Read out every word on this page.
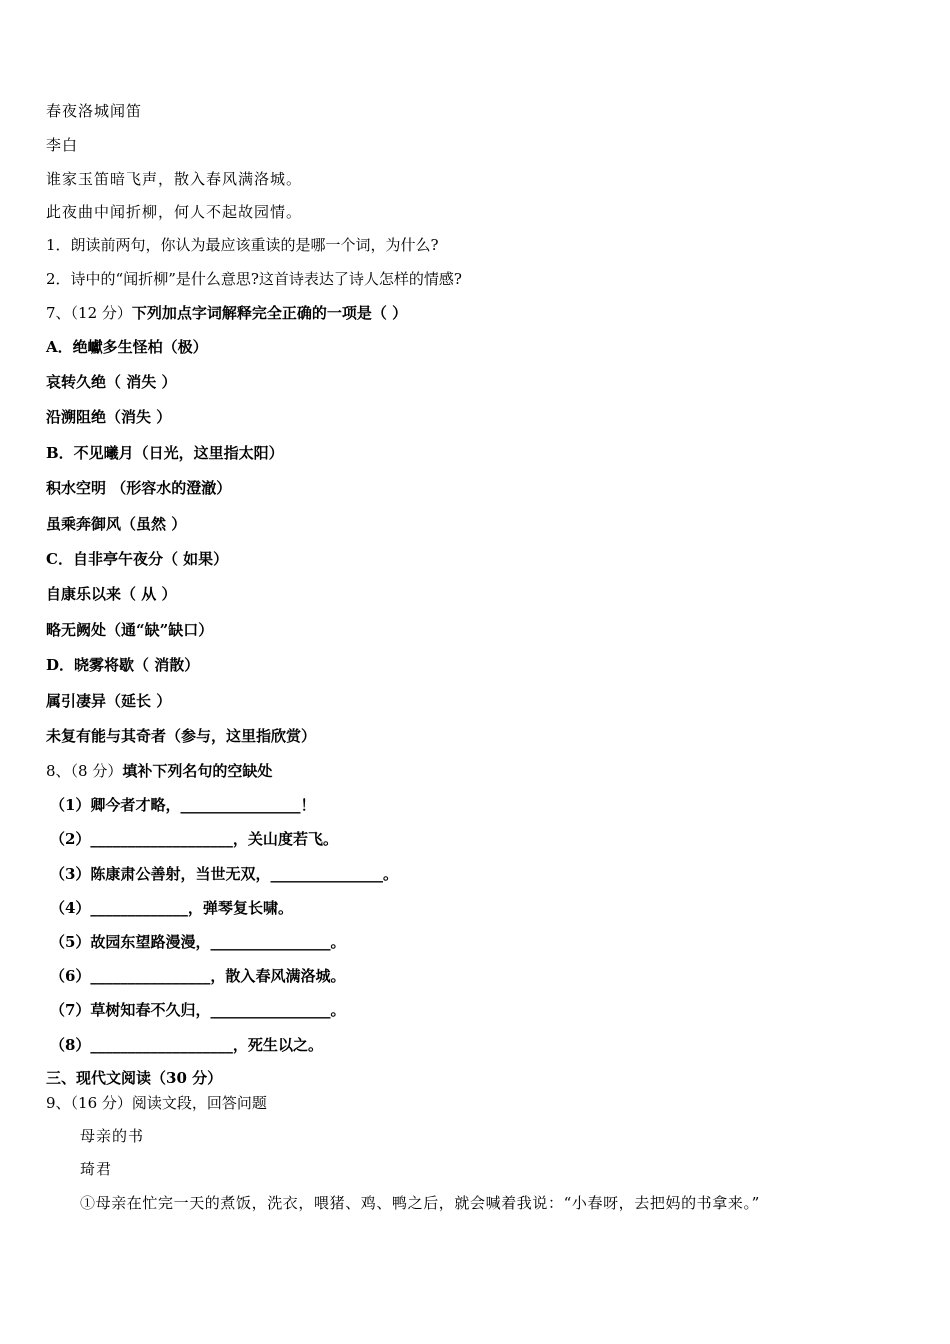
春夜洛城闻笛
李白
谁家玉笛暗飞声，散入春风满洛城。
此夜曲中闻折柳，何人不起故园情。
1．朗读前两句，你认为最应该重读的是哪一个词，为什么?
2．诗中的“闻折柳”是什么意思?这首诗表达了诗人怎样的情感?
7、（12 分）下列加点字词解释完全正确的一项是（ ）
A．绝巘多生怪柏（极）
哀转久绝（ 消失 ）
沿溯阻绝（消失 ）
B．不见曦月（日光，这里指太阳）
积水空明 （形容水的澄澈）
虽乘奔御风（虽然 ）
C．自非亭午夜分（ 如果）
自康乐以来（ 从 ）
略无阙处（通“缺”缺口）
D．晓雾将歇（ 消散）
属引凄异（延长 ）
未复有能与其奇者（参与，这里指欣赏）
8、（8 分）填补下列名句的空缺处
（1）卿今者才略，________________！
（2）___________________，关山度若飞。
（3）陈康肃公善射，当世无双，_______________。
（4）_____________，弹琴复长啸。
（5）故园东望路漫漫，________________。
（6）________________，散入春风满洛城。
（7）草树知春不久归，________________。
（8）___________________，死生以之。
三、现代文阅读（30 分）
9、（16 分）阅读文段，回答问题
母亲的书
琦君
①母亲在忙完一天的煮饭，洗衣，喂猪、鸡、鸭之后，就会喊着我说：“小春呀，去把妈的书拿来。”
